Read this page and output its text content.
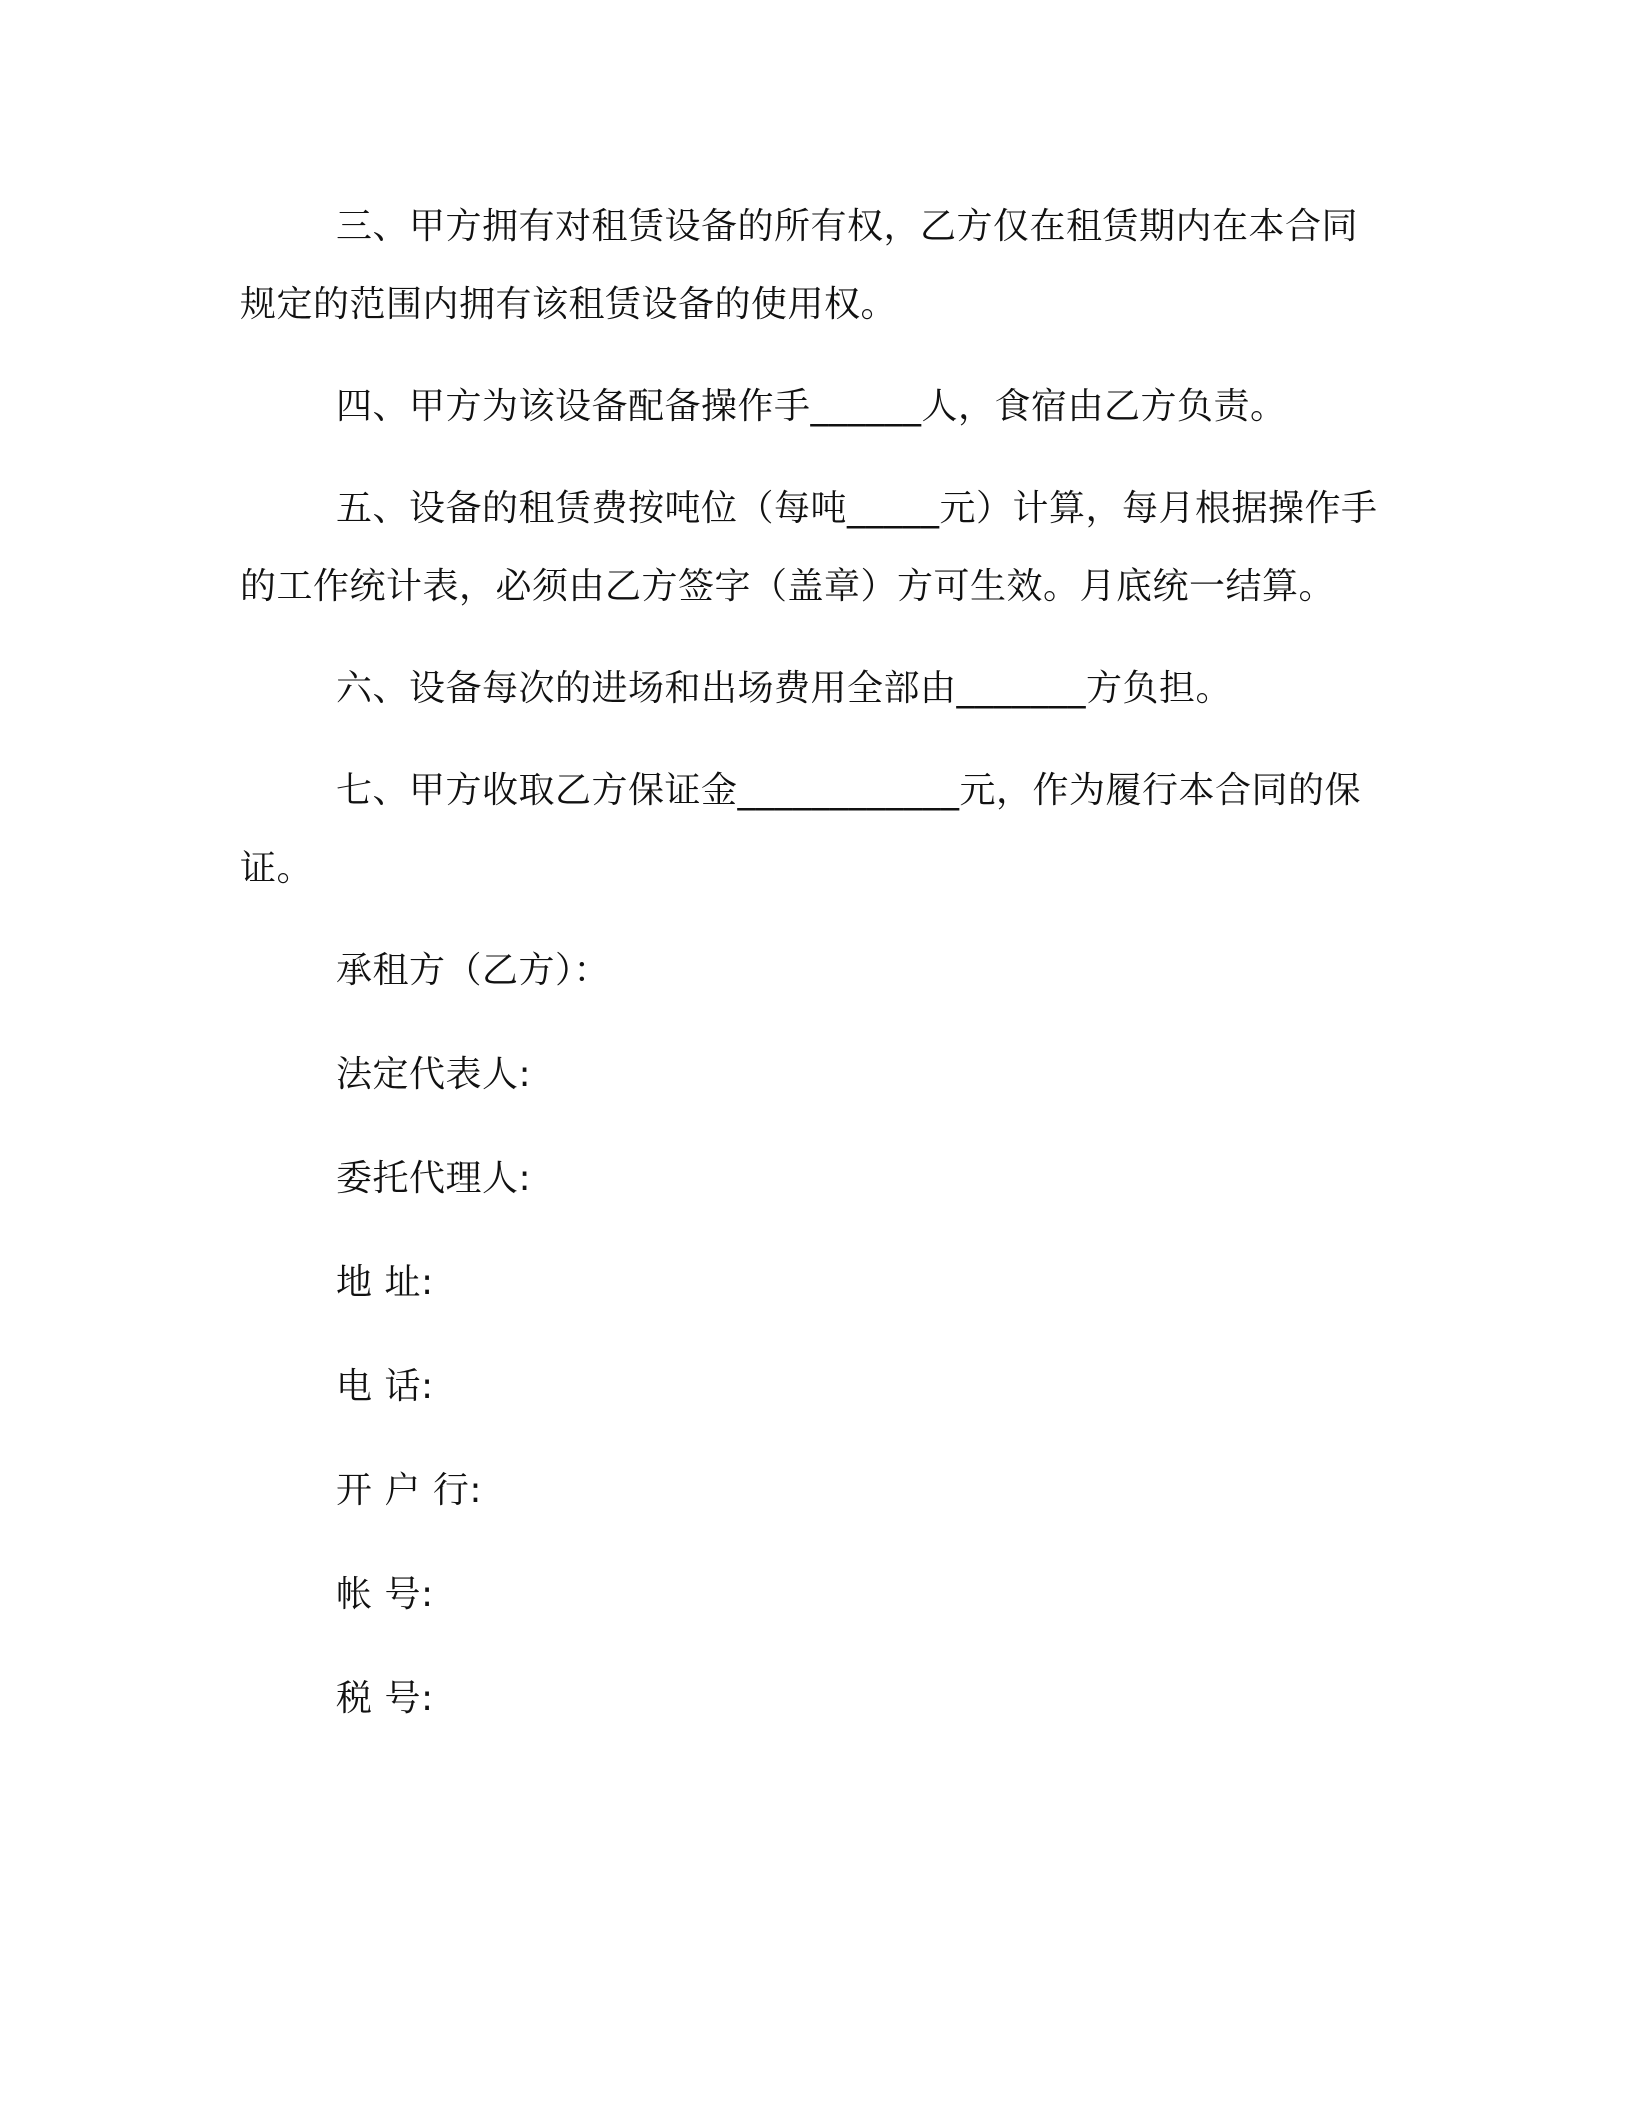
三、甲方拥有对租赁设备的所有权，乙方仅在租赁期内在本合同规定的范围内拥有该租赁设备的使用权。

四、甲方为该设备配备操作手______人，食宿由乙方负责。

五、设备的租赁费按吨位（每吨_____元）计算，每月根据操作手的工作统计表，必须由乙方签字（盖章）方可生效。月底统一结算。

六、设备每次的进场和出场费用全部由_______方负担。

七、甲方收取乙方保证金____________元，作为履行本合同的保证。

承租方（乙方）：
法定代表人:
委托代理人:
地 址:
电 话:
开 户 行:
帐 号:
税 号:
